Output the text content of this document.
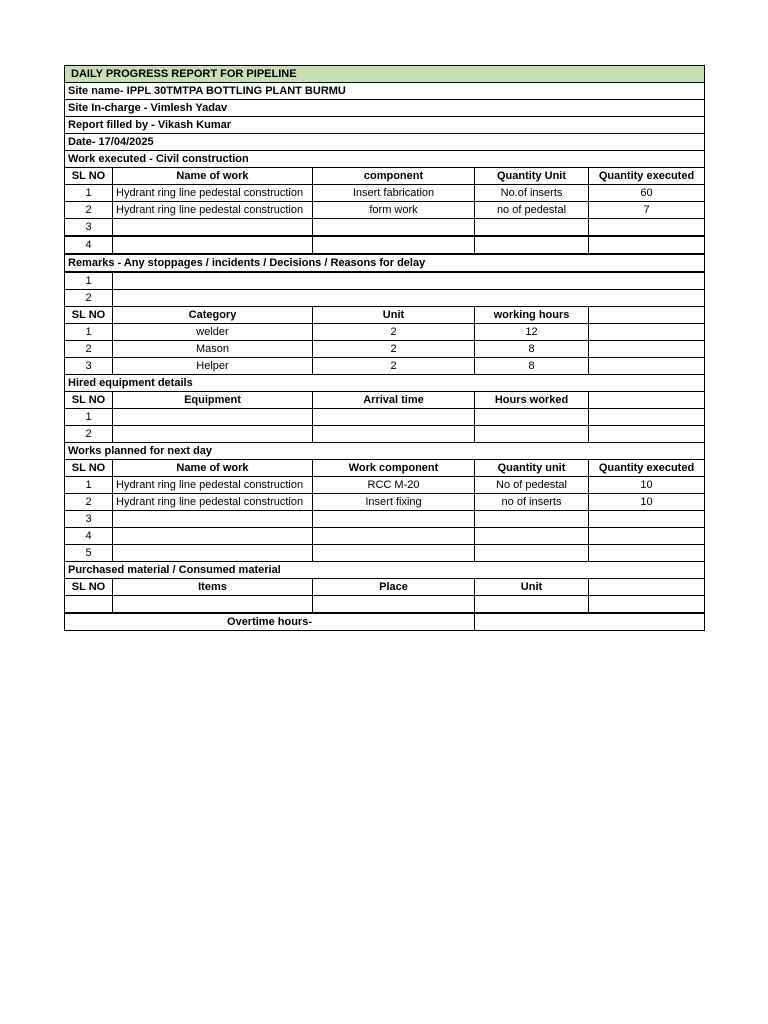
DAILY PROGRESS REPORT FOR PIPELINE				
Site name- IPPL 30TMTPA BOTTLING PLANT BURMU				
Site In-charge - Vimlesh Yadav				
Report filled by - Vikash Kumar				
Date- 17/04/2025				
Work executed - Civil construction				
SL NO	Name of work	component	Quantity Unit	Quantity executed
1	Hydrant ring line pedestal construction	Insert fabrication	No.of inserts	60
2	Hydrant ring line pedestal construction	form work	no of pedestal	7
3				
4				
Remarks - Any stoppages / incidents / Decisions / Reasons for delay				
1				
2				
SL NO	Category	Unit	working hours	
1	welder	2	12	
2	Mason	2	8	
3	Helper	2	8	
Hired equipment details				
SL NO	Equipment	Arrival time	Hours worked	
1				
2				
Works planned for next day				
SL NO	Name of work	Work component	Quantity unit	Quantity executed
1	Hydrant ring line pedestal construction	RCC M-20	No of pedestal	10
2	Hydrant ring line pedestal construction	Insert fixing	no of inserts	10
3				
4				
5				
Purchased material / Consumed material				
SL NO	Items	Place	Unit	

Overtime hours-				
